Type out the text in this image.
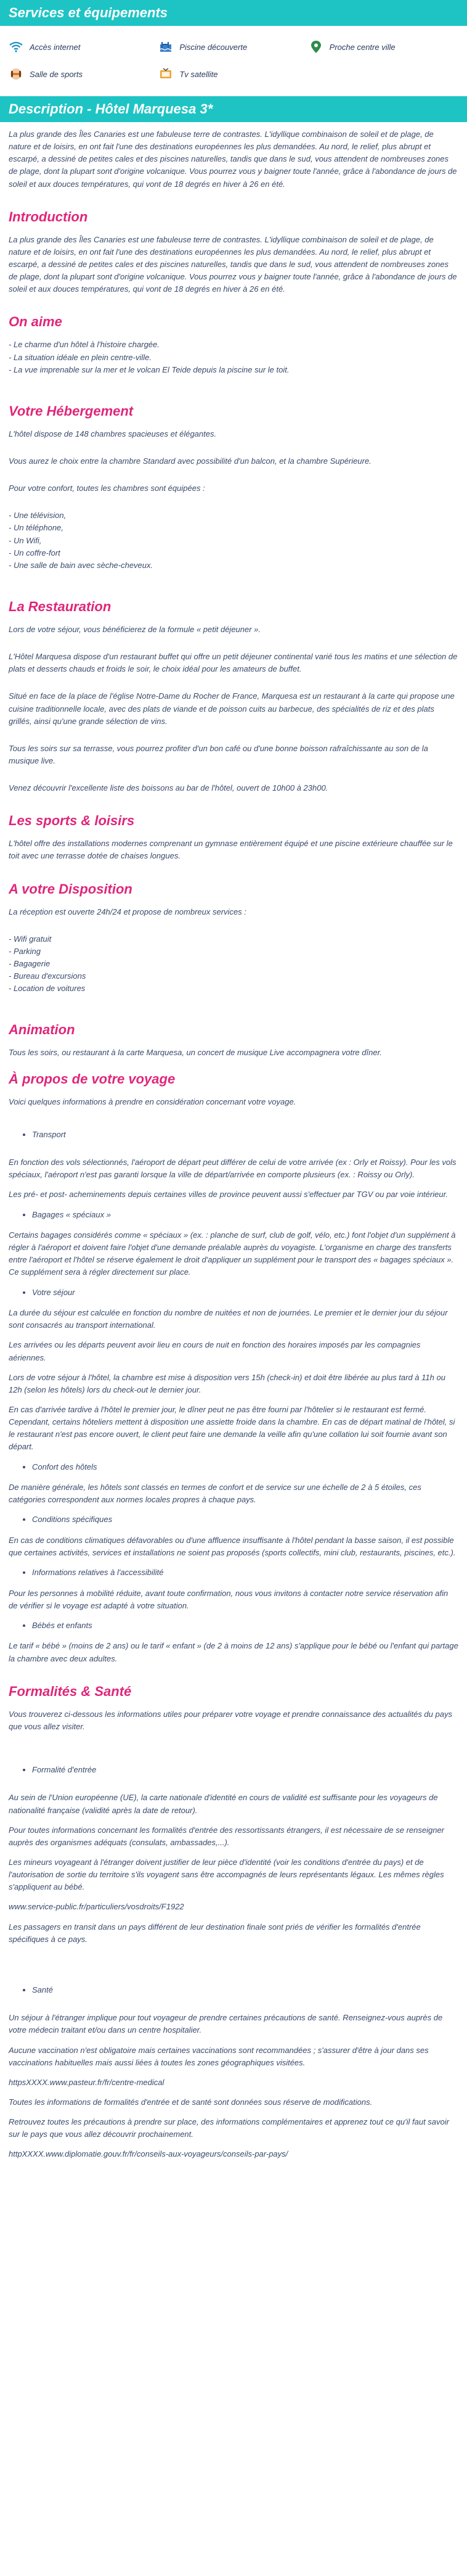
Services et équipements
Accès internet	Piscine découverte	Proche centre ville
Salle de sports	Tv satellite
Description - Hôtel Marquesa 3*

La plus grande des Îles Canaries est une fabuleuse terre de contrastes. L'idyllique combinaison de soleil et de plage, de nature et de loisirs, en ont fait l'une des destinations européennes les plus demandées. Au nord, le relief, plus abrupt et escarpé, a dessiné de petites cales et des piscines naturelles, tandis que dans le sud, vous attendent de nombreuses zones de plage, dont la plupart sont d'origine volcanique. Vous pourrez vous y baigner toute l'année, grâce à l'abondance de jours de soleil et aux douces températures, qui vont de 18 degrés en hiver à 26 en été.

Introduction

La plus grande des Îles Canaries est une fabuleuse terre de contrastes. L'idyllique combinaison de soleil et de plage, de nature et de loisirs, en ont fait l'une des destinations européennes les plus demandées. Au nord, le relief, plus abrupt et escarpé, a dessiné de petites cales et des piscines naturelles, tandis que dans le sud, vous attendent de nombreuses zones de plage, dont la plupart sont d'origine volcanique. Vous pourrez vous y baigner toute l'année, grâce à l'abondance de jours de soleil et aux douces températures, qui vont de 18 degrés en hiver à 26 en été.

On aime

- Le charme d'un hôtel à l'histoire chargée.
- La situation idéale en plein centre-ville.
- La vue imprenable sur la mer et le volcan El Teide depuis la piscine sur le toit.

Votre Hébergement

L'hôtel dispose de 148 chambres spacieuses et élégantes.

Vous aurez le choix entre la chambre Standard avec possibilité d'un balcon, et la chambre Supérieure.

Pour votre confort, toutes les chambres sont équipées :

- Une télévision,
- Un téléphone,
- Un Wifi,
- Un coffre-fort
- Une salle de bain avec sèche-cheveux.

La Restauration

Lors de votre séjour, vous bénéficierez de la formule « petit déjeuner ».

L'Hôtel Marquesa dispose d'un restaurant buffet qui offre un petit déjeuner continental varié tous les matins et une sélection de plats et desserts chauds et froids le soir, le choix idéal pour les amateurs de buffet.

Situé en face de la place de l'église Notre-Dame du Rocher de France, Marquesa est un restaurant à la carte qui propose une cuisine traditionnelle locale, avec des plats de viande et de poisson cuits au barbecue, des spécialités de riz et des plats grillés, ainsi qu'une grande sélection de vins.

Tous les soirs sur sa terrasse, vous pourrez profiter d'un bon café ou d'une bonne boisson rafraîchissante au son de la musique live.

Venez découvrir l'excellente liste des boissons au bar de l'hôtel, ouvert de 10h00 à 23h00.

Les sports & loisirs

L'hôtel offre des installations modernes comprenant un gymnase entièrement équipé et une piscine extérieure chauffée sur le toit avec une terrasse dotée de chaises longues.

A votre Disposition

La réception est ouverte 24h/24 et propose de nombreux services :

- Wifi gratuit
- Parking
- Bagagerie
- Bureau d'excursions
- Location de voitures

Animation

Tous les soirs, ou restaurant à la carte Marquesa, un concert de musique Live accompagnera votre dîner.

À propos de votre voyage

Voici quelques informations à prendre en considération concernant votre voyage.

• Transport

En fonction des vols sélectionnés, l'aéroport de départ peut différer de celui de votre arrivée (ex : Orly et Roissy). Pour les vols spéciaux, l'aéroport n'est pas garanti lorsque la ville de départ/arrivée en comporte plusieurs (ex. : Roissy ou Orly).

Les pré- et post- acheminements depuis certaines villes de province peuvent aussi s'effectuer par TGV ou par voie intérieur.

• Bagages « spéciaux »

Certains bagages considérés comme « spéciaux » (ex. : planche de surf, club de golf, vélo, etc.) font l'objet d'un supplément à régler à l'aéroport et doivent faire l'objet d'une demande préalable auprès du voyagiste. L'organisme en charge des transferts entre l'aéroport et l'hôtel se réserve également le droit d'appliquer un supplément pour le transport des « bagages spéciaux ». Ce supplément sera à régler directement sur place.

• Votre séjour

La durée du séjour est calculée en fonction du nombre de nuitées et non de journées. Le premier et le dernier jour du séjour sont consacrés au transport international.

Les arrivées ou les départs peuvent avoir lieu en cours de nuit en fonction des horaires imposés par les compagnies aériennes.

Lors de votre séjour à l'hôtel, la chambre est mise à disposition vers 15h (check-in) et doit être libérée au plus tard à 11h ou 12h (selon les hôtels) lors du check-out le dernier jour.

En cas d'arrivée tardive à l'hôtel le premier jour, le dîner peut ne pas être fourni par l'hôtelier si le restaurant est fermé. Cependant, certains hôteliers mettent à disposition une assiette froide dans la chambre. En cas de départ matinal de l'hôtel, si le restaurant n'est pas encore ouvert, le client peut faire une demande la veille afin qu'une collation lui soit fournie avant son départ.

• Confort des hôtels

De manière générale, les hôtels sont classés en termes de confort et de service sur une échelle de 2 à 5 étoiles, ces catégories correspondent aux normes locales propres à chaque pays.

• Conditions spécifiques

En cas de conditions climatiques défavorables ou d'une affluence insuffisante à l'hôtel pendant la basse saison, il est possible que certaines activités, services et installations ne soient pas proposés (sports collectifs, mini club, restaurants, piscines, etc.).

• Informations relatives à l'accessibilité

Pour les personnes à mobilité réduite, avant toute confirmation, nous vous invitons à contacter notre service réservation afin de vérifier si le voyage est adapté à votre situation.

• Bébés et enfants

Le tarif « bébé » (moins de 2 ans) ou le tarif « enfant » (de 2 à moins de 12 ans) s'applique pour le bébé ou l'enfant qui partage la chambre avec deux adultes.

Formalités & Santé

Vous trouverez ci-dessous les informations utiles pour préparer votre voyage et prendre connaissance des actualités du pays que vous allez visiter.

• Formalité d'entrée

Au sein de l'Union européenne (UE), la carte nationale d'identité en cours de validité est suffisante pour les voyageurs de nationalité française (validité après la date de retour).

Pour toutes informations concernant les formalités d'entrée des ressortissants étrangers, il est nécessaire de se renseigner auprès des organismes adéquats (consulats, ambassades,...).

Les mineurs voyageant à l'étranger doivent justifier de leur pièce d'identité (voir les conditions d'entrée du pays) et de l'autorisation de sortie du territoire s'ils voyagent sans être accompagnés de leurs représentants légaux. Les mêmes règles s'appliquent au bébé.

www.service-public.fr/particuliers/vosdroits/F1922

Les passagers en transit dans un pays différent de leur destination finale sont priés de vérifier les formalités d'entrée spécifiques à ce pays.

• Santé

Un séjour à l'étranger implique pour tout voyageur de prendre certaines précautions de santé. Renseignez-vous auprès de votre médecin traitant et/ou dans un centre hospitalier.

Aucune vaccination n'est obligatoire mais certaines vaccinations sont recommandées ; s'assurer d'être à jour dans ses vaccinations habituelles mais aussi liées à toutes les zones géographiques visitées.

httpsXXXX.www.pasteur.fr/fr/centre-medical

Toutes les informations de formalités d'entrée et de santé sont données sous réserve de modifications.

Retrouvez toutes les précautions à prendre sur place, des informations complémentaires et apprenez tout ce qu'il faut savoir sur le pays que vous allez découvrir prochainement.

httpXXXX.www.diplomatie.gouv.fr/fr/conseils-aux-voyageurs/conseils-par-pays/
